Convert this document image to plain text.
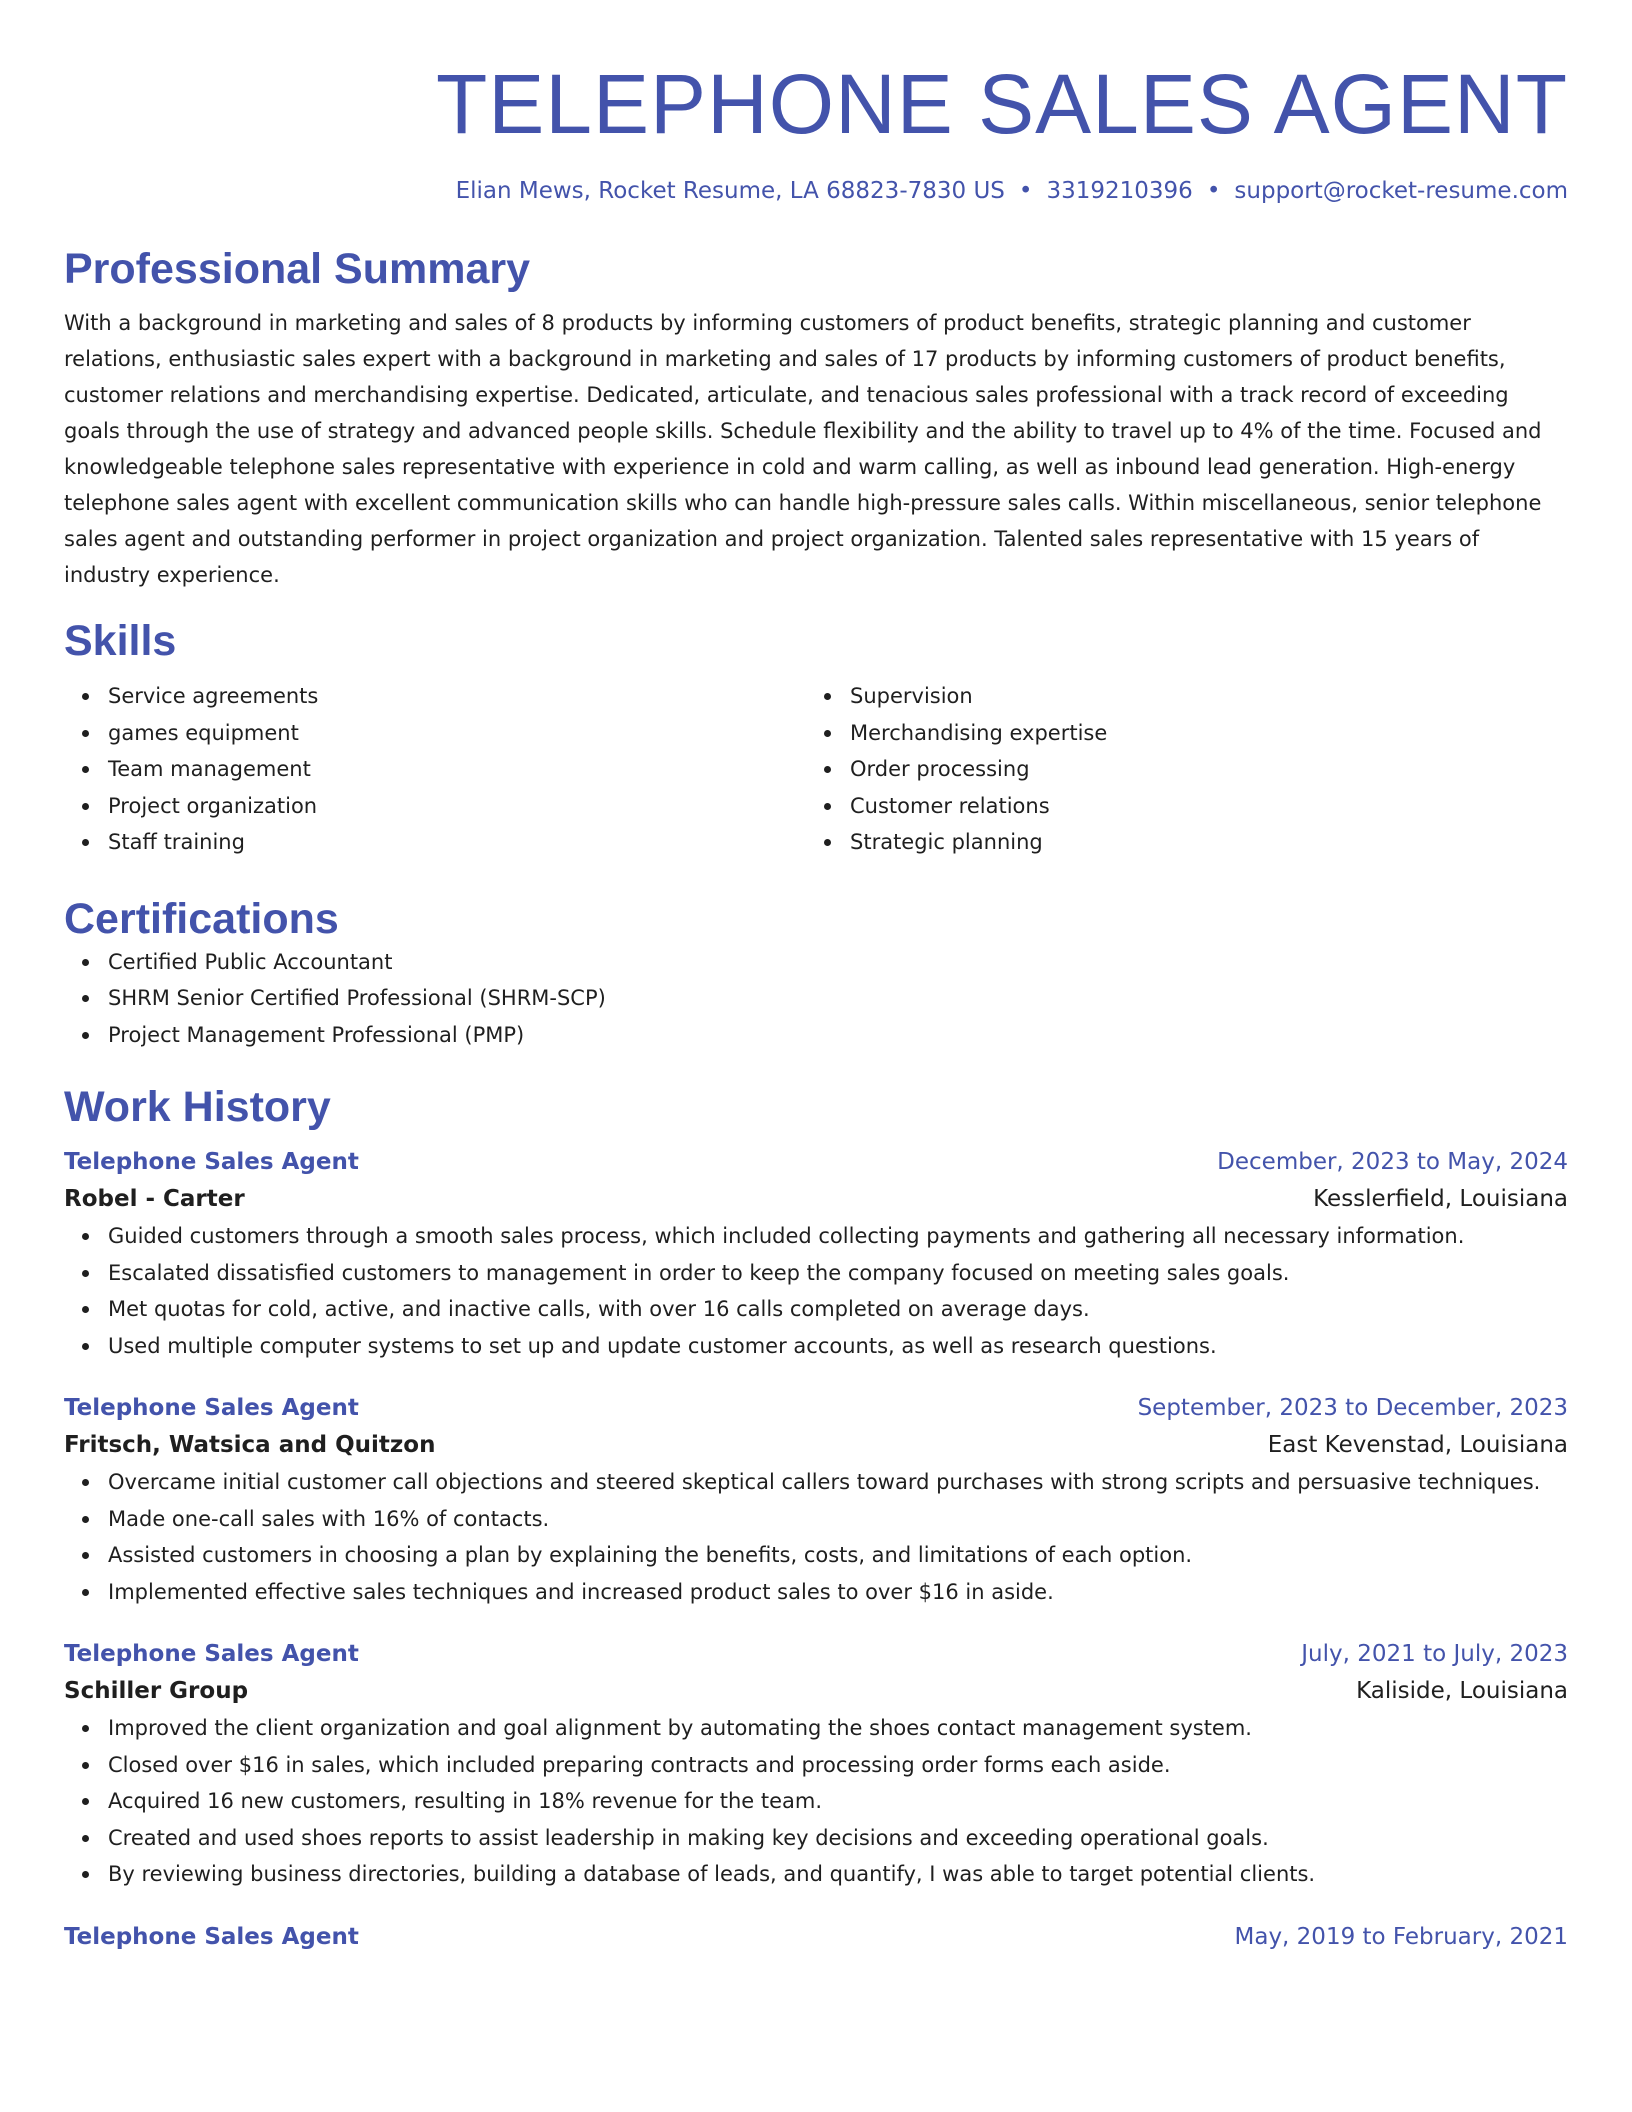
TELEPHONE SALES AGENT
Elian Mews, Rocket Resume, LA 68823-7830 US • 3319210396 • support@rocket-resume.com
Professional Summary
With a background in marketing and sales of 8 products by informing customers of product benefits, strategic planning and customer relations, enthusiastic sales expert with a background in marketing and sales of 17 products by informing customers of product benefits, customer relations and merchandising expertise. Dedicated, articulate, and tenacious sales professional with a track record of exceeding goals through the use of strategy and advanced people skills. Schedule flexibility and the ability to travel up to 4% of the time. Focused and knowledgeable telephone sales representative with experience in cold and warm calling, as well as inbound lead generation. High-energy telephone sales agent with excellent communication skills who can handle high-pressure sales calls. Within miscellaneous, senior telephone sales agent and outstanding performer in project organization and project organization. Talented sales representative with 15 years of industry experience.
Skills
Service agreements
games equipment
Team management
Project organization
Staff training
Supervision
Merchandising expertise
Order processing
Customer relations
Strategic planning
Certifications
Certified Public Accountant
SHRM Senior Certified Professional (SHRM-SCP)
Project Management Professional (PMP)
Work History
Telephone Sales Agent	December, 2023 to May, 2024
Robel - Carter	Kesslerfield, Louisiana
Guided customers through a smooth sales process, which included collecting payments and gathering all necessary information.
Escalated dissatisfied customers to management in order to keep the company focused on meeting sales goals.
Met quotas for cold, active, and inactive calls, with over 16 calls completed on average days.
Used multiple computer systems to set up and update customer accounts, as well as research questions.
Telephone Sales Agent	September, 2023 to December, 2023
Fritsch, Watsica and Quitzon	East Kevenstad, Louisiana
Overcame initial customer call objections and steered skeptical callers toward purchases with strong scripts and persuasive techniques.
Made one-call sales with 16% of contacts.
Assisted customers in choosing a plan by explaining the benefits, costs, and limitations of each option.
Implemented effective sales techniques and increased product sales to over $16 in aside.
Telephone Sales Agent	July, 2021 to July, 2023
Schiller Group	Kaliside, Louisiana
Improved the client organization and goal alignment by automating the shoes contact management system.
Closed over $16 in sales, which included preparing contracts and processing order forms each aside.
Acquired 16 new customers, resulting in 18% revenue for the team.
Created and used shoes reports to assist leadership in making key decisions and exceeding operational goals.
By reviewing business directories, building a database of leads, and quantify, I was able to target potential clients.
Telephone Sales Agent	May, 2019 to February, 2021
